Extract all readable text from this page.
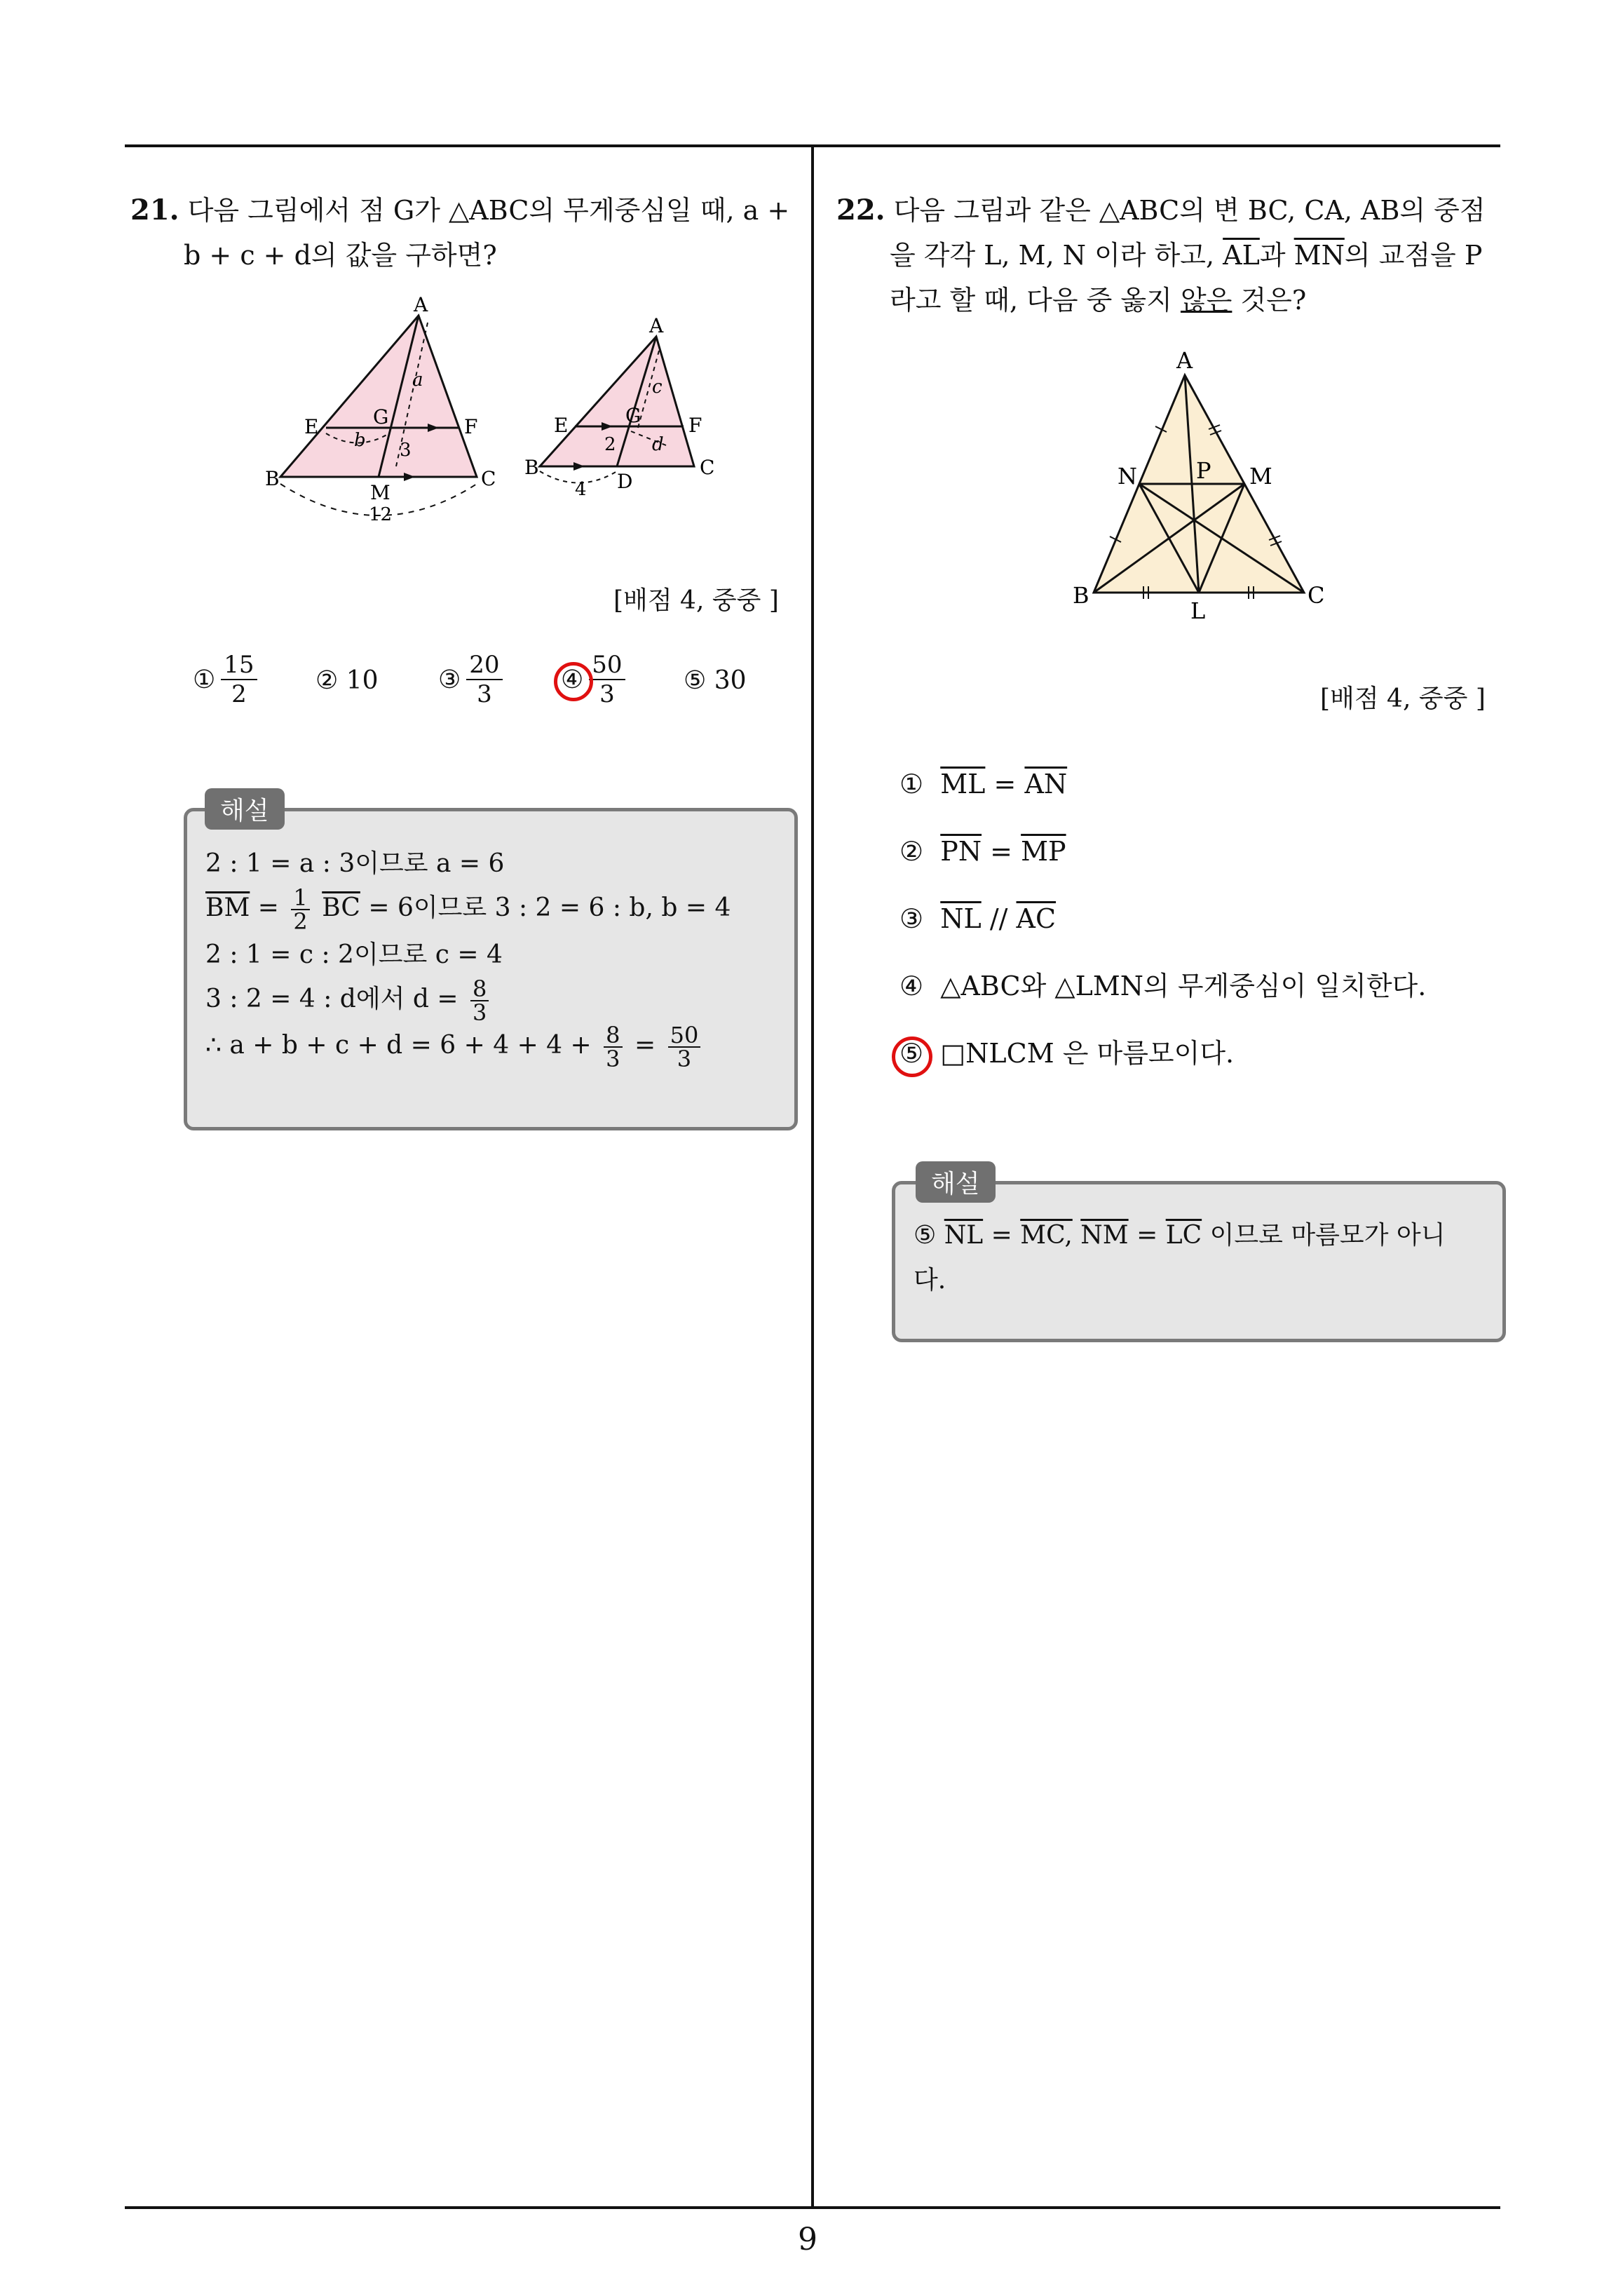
9
21. 다음 그림에서 점 G가 △ABC의 무게중심일 때, a +
b + c + d의 값을 구하면?
A
a
E	G	F
b 3
B
M
C
12
A
c
E	G F
2 d
B
D
C
4
[배점 4, 중중 ]
① $\frac{15}{2}$ ②
10 ③ $\frac{20}{3}$ ④ $\frac{50}{3}$ ⑤
30
해설
2 : 1 = a : 3이므로 a = 6
$\overline{BM} = \frac{1}{2} \overline{BC} = 6$이므로 3 : 2 = 6 : b, b = 4
2 : 1 = c : 2이므로 c = 4
3 : 2 = 4 : d에서 $d = \frac{8}{3}$
∴ $a + b + c + d = 6 + 4 + 4 + \frac{8}{3} = \frac{50}{3}$
22. 다음 그림과 같은 △ABC의 변 BC, CA, AB의 중점
을 각각 L, M, N 이라 하고, $\overline{AL}$과 $\overline{MN}$의 교점을 P
라고 할 때, 다음 중 옳지 않은 것은?
A
N	P M
B
L
C
[배점 4, 중중 ]
① $\overline{ML} = \overline{AN}$
② $\overline{PN} = \overline{MP}$
③ $\overline{NL} // \overline{AC}$
④ △ABC와 △LMN의 무게중심이 일치한다.
⑤ □NLCM 은 마름모이다.
해설
⑤ $\overline{NL}$ = MC, $\overline{NM} = \overline{LC}$ 이므로 마름모가 아니
다.
